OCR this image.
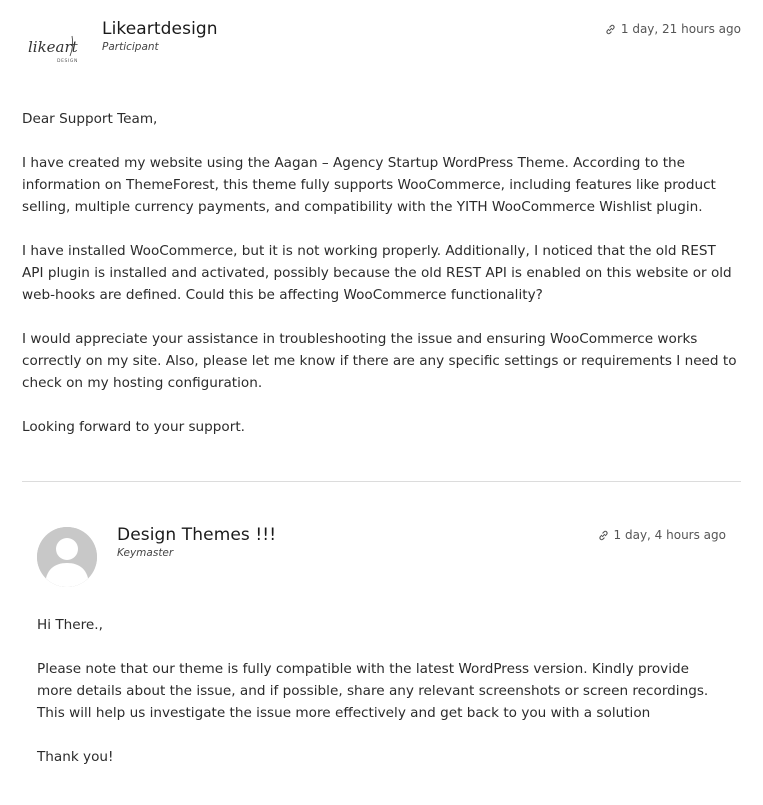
likeart
DESIGN
Likeartdesign
Participant
1 day, 21 hours ago

Dear Support Team,

I have created my website using the Aagan – Agency Startup WordPress Theme. According to the information on ThemeForest, this theme fully supports WooCommerce, including features like product selling, multiple currency payments, and compatibility with the YITH WooCommerce Wishlist plugin.

I have installed WooCommerce, but it is not working properly. Additionally, I noticed that the old REST API plugin is installed and activated, possibly because the old REST API is enabled on this website or old web-hooks are defined. Could this be affecting WooCommerce functionality?

I would appreciate your assistance in troubleshooting the issue and ensuring WooCommerce works correctly on my site. Also, please let me know if there are any specific settings or requirements I need to check on my hosting configuration.

Looking forward to your support.

Design Themes !!!
Keymaster
1 day, 4 hours ago

Hi There.,

Please note that our theme is fully compatible with the latest WordPress version. Kindly provide more details about the issue, and if possible, share any relevant screenshots or screen recordings. This will help us investigate the issue more effectively and get back to you with a solution

Thank you!
